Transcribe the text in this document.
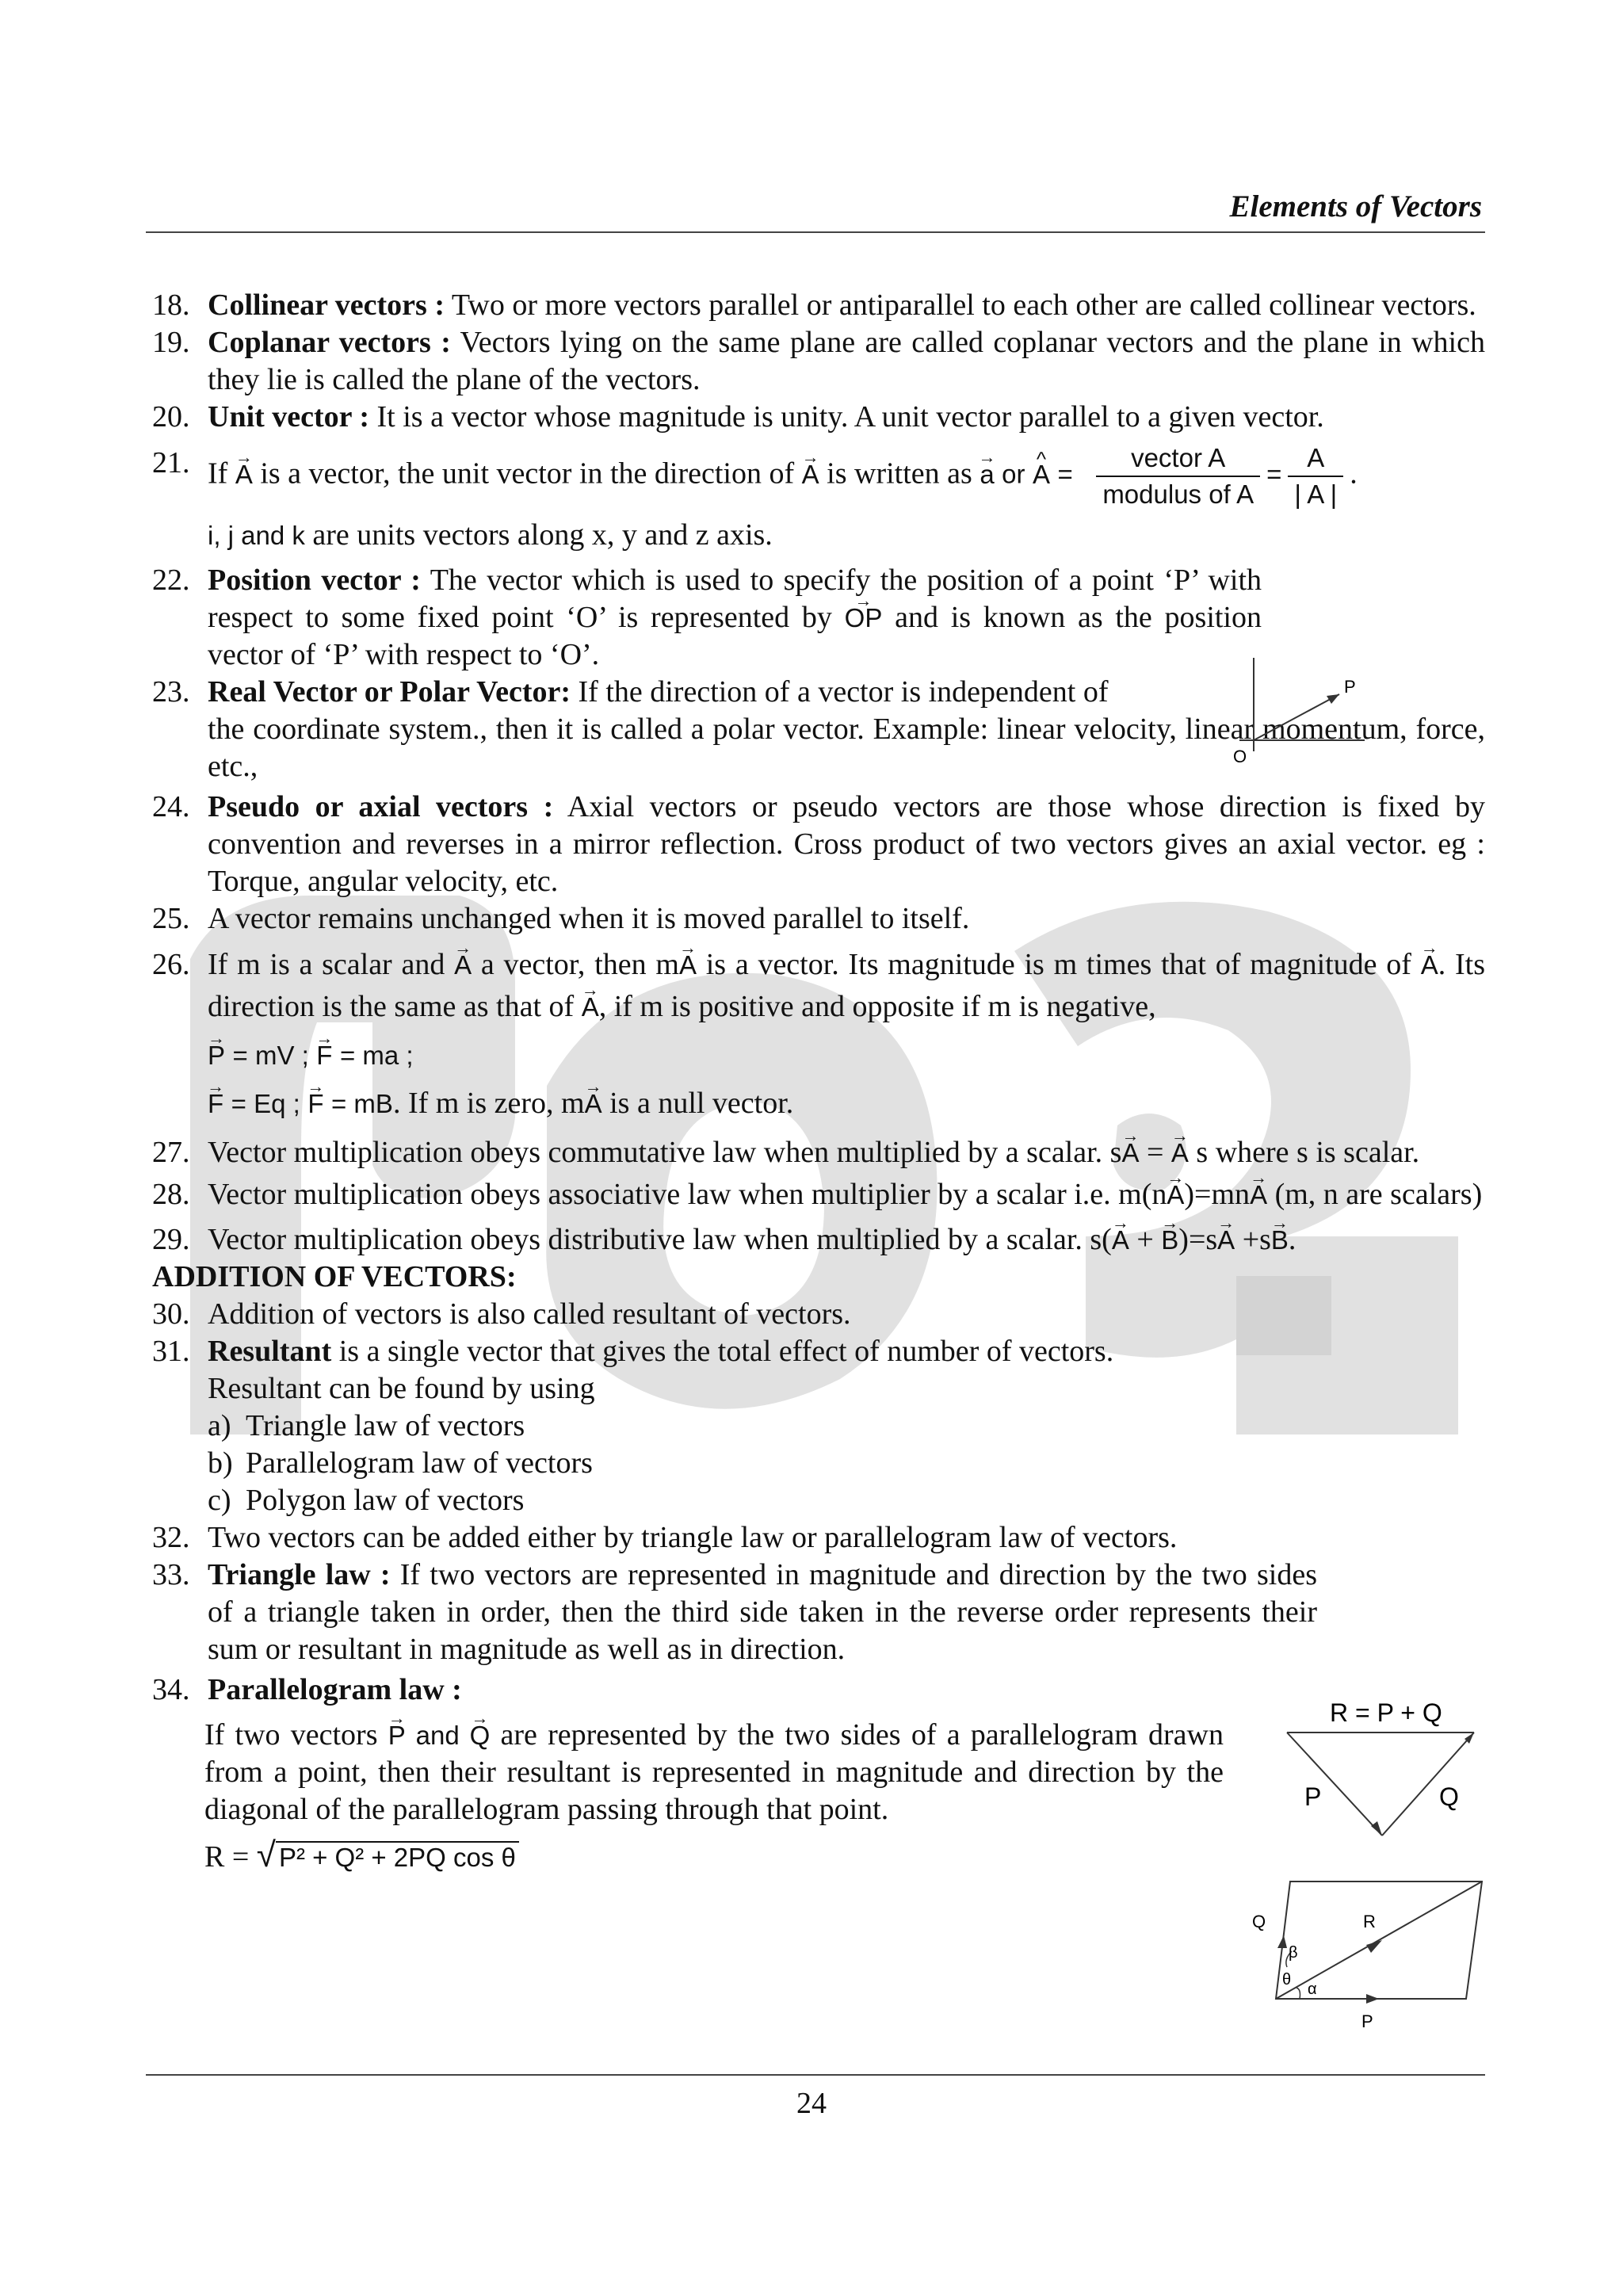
Elements of Vectors
18. Collinear vectors : Two or more vectors parallel or antiparallel to each other are called collinear vectors.
19. Coplanar vectors : Vectors lying on the same plane are called coplanar vectors and the plane in which they lie is called the plane of the vectors.
20. Unit vector : It is a vector whose magnitude is unity. A unit vector parallel to a given vector.
21. If → A is a vector, the unit vector in the direction of → A is written as → a or ^ $A = \frac{\text{vector A}}{\text{modulus of A}} = \frac{A}{| A |}$ .
i, j and k are units vectors along x, y and z axis.
22. Position vector : The vector which is used to specify the position of a point ‘P’ with respect to some fixed point ‘O’ is represented by → OP and is known as the position vector of ‘P’ with respect to ‘O’.
23. Real Vector or Polar Vector: If the direction of a vector is independent of
the coordinate system., then it is called a polar vector. Example: linear velocity, linear momentum, force, etc.,
24. Pseudo or axial vectors : Axial vectors or pseudo vectors are those whose direction is fixed by convention and reverses in a mirror reflection. Cross product of two vectors gives an axial vector. eg : Torque, angular velocity, etc.
25. A vector remains unchanged when it is moved parallel to itself.
26. If m is a scalar and → A a vector, then m→ A is a vector. Its magnitude is m times that of magnitude of → A. Its direction is the same as that of → A, if m is positive and opposite if m is negative,
→ P = mV ; → F = ma ;
→ F = Eq ; → F = mB. If m is zero, m→ A is a null vector.
27. Vector multiplication obeys commutative law when multiplied by a scalar. s→ A = → A s where s is scalar.
28. Vector multiplication obeys associative law when multiplier by a scalar i.e. m(n→ A)=mn→ A (m, n are scalars)
29. Vector multiplication obeys distributive law when multiplied by a scalar. s(→ A + → B)=s→ A +s→ B.
ADDITION OF VECTORS:
30. Addition of vectors is also called resultant of vectors.
31. Resultant is a single vector that gives the total effect of number of vectors.
Resultant can be found by using
a) Triangle law of vectors
b) Parallelogram law of vectors
c) Polygon law of vectors
32. Two vectors can be added either by triangle law or parallelogram law of vectors.
33. Triangle law : If two vectors are represented in magnitude and direction by the two sides of a triangle taken in order, then the third side taken in the reverse order represents their sum or resultant in magnitude as well as in direction.
34. Parallelogram law :
If two vectors → P and → Q are represented by the two sides of a parallelogram drawn from a point, then their resultant is represented in magnitude and direction by the diagonal of the parallelogram passing through that point.
R = √ P² + Q² + 2PQ cos θ
P
O
R = P + Q
P	Q
Q	R
P
β
θ
α
24
